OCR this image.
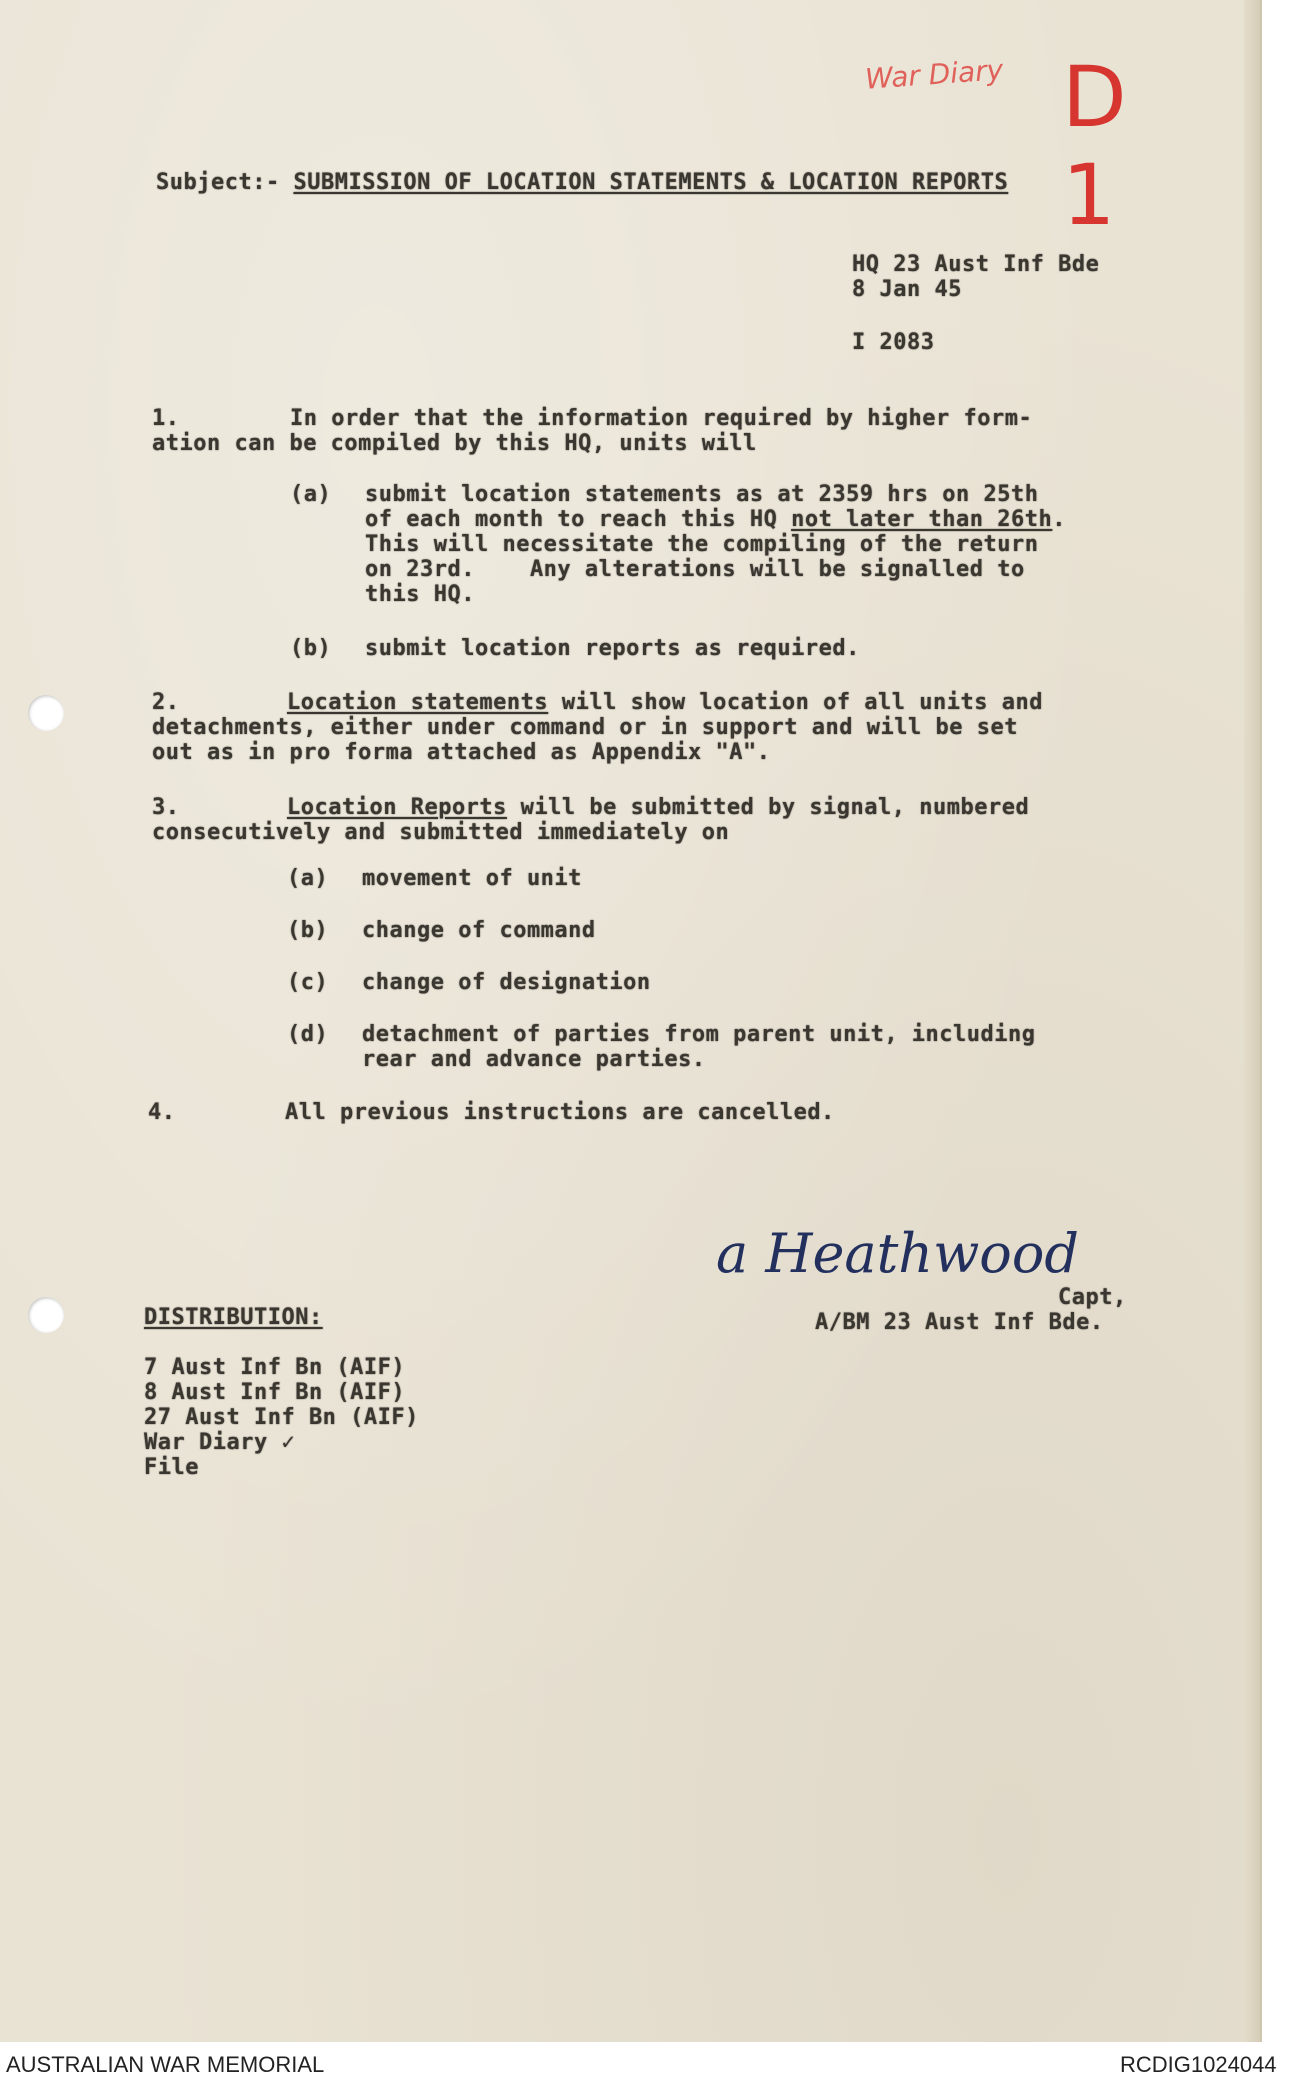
War Diary D 1
Subject:- SUBMISSION OF LOCATION STATEMENTS & LOCATION REPORTS
HQ 23 Aust Inf Bde
8 Jan 45
I 2083
1.	In order that the information required by higher form-
ation can be compiled by this HQ, units will
(a) submit location statements as at 2359 hrs on 25th
of each month to reach this HQ not later than 26th.
This will necessitate the compiling of the return
on 23rd.    Any alterations will be signalled to
this HQ.
(b) submit location reports as required.
2.	Location statements will show location of all units and
detachments, either under command or in support and will be set
out as in pro forma attached as Appendix "A".
3.	Location Reports will be submitted by signal, numbered
consecutively and submitted immediately on
(a) movement of unit
(b) change of command
(c) change of designation
(d) detachment of parties from parent unit, including
rear and advance parties.
4.	All previous instructions are cancelled.
a Heathwood
Capt,
A/BM 23 Aust Inf Bde.
DISTRIBUTION:
7 Aust Inf Bn (AIF)
8 Aust Inf Bn (AIF)
27 Aust Inf Bn (AIF)
War Diary ✓
File
AUSTRALIAN WAR MEMORIAL	RCDIG1024044
